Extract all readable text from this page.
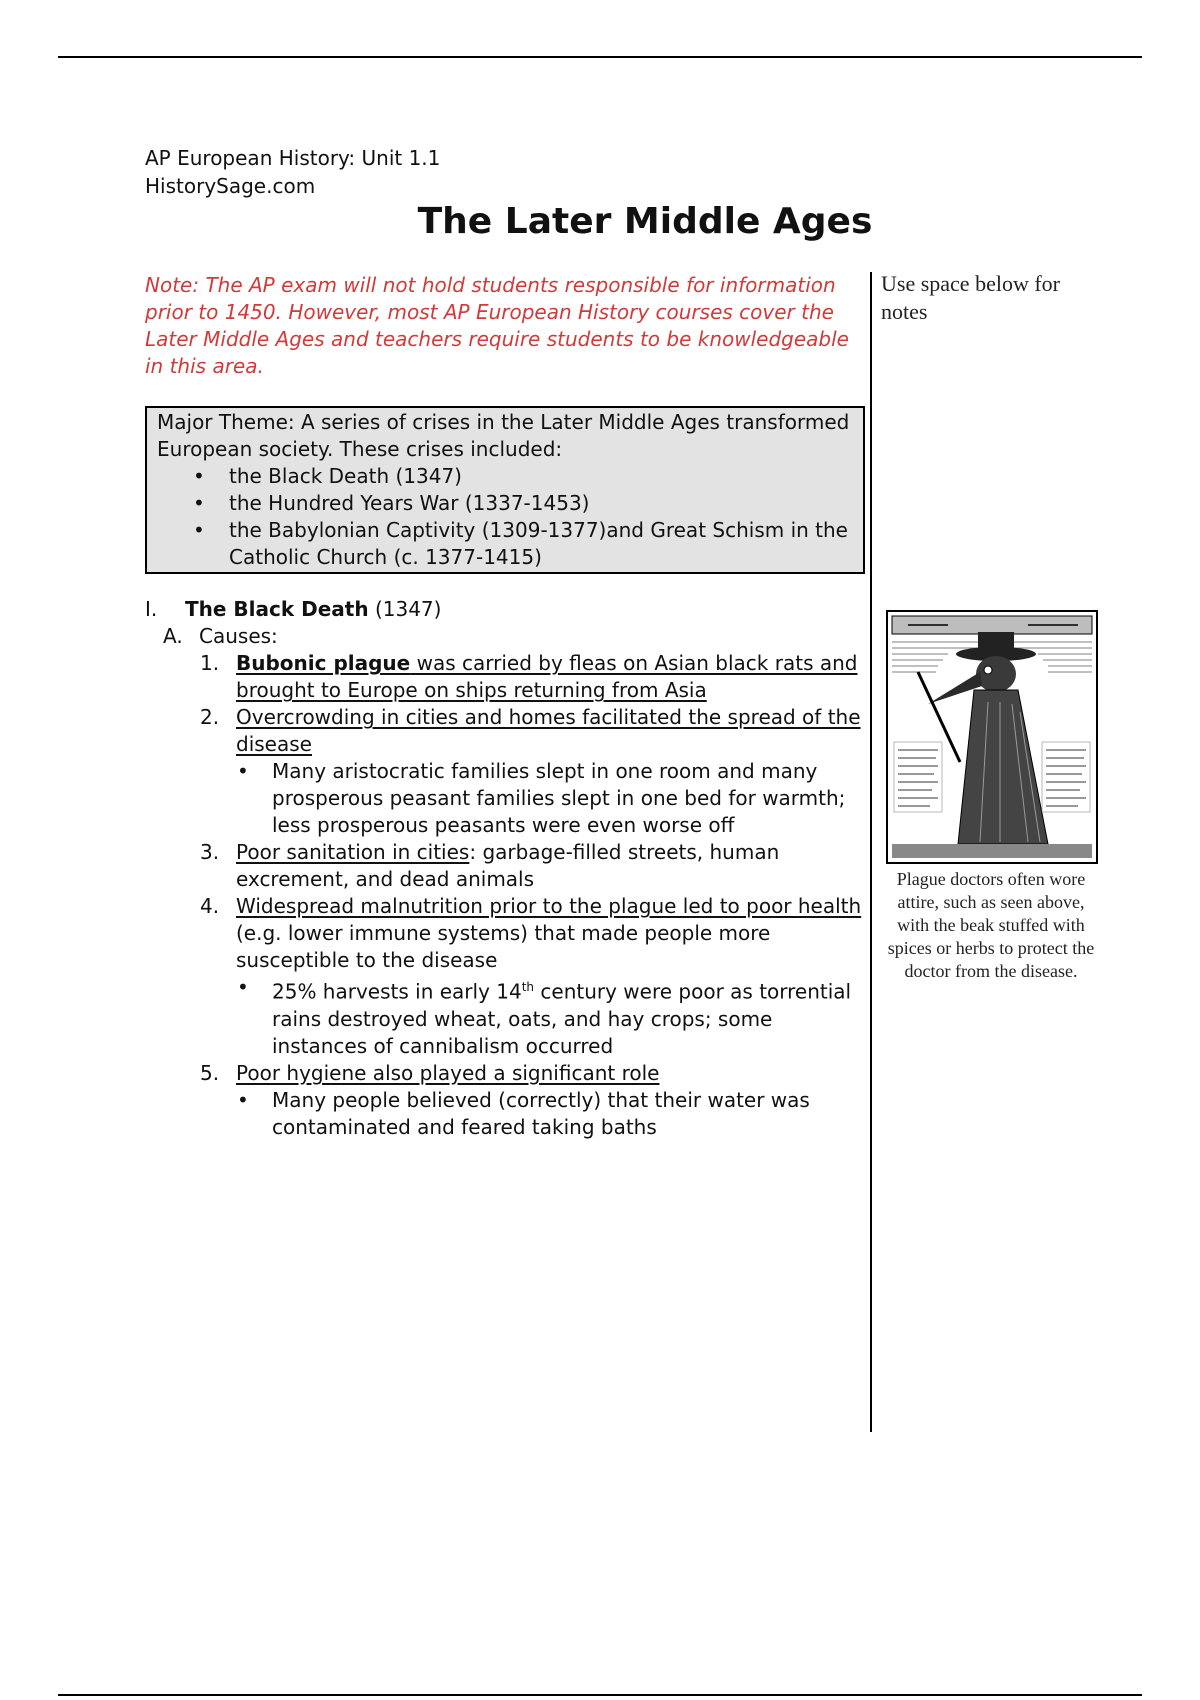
AP European History: Unit 1.1
HistorySage.com
The Later Middle Ages
Note: The AP exam will not hold students responsible for information prior to 1450. However, most AP European History courses cover the Later Middle Ages and teachers require students to be knowledgeable in this area.
Major Theme: A series of crises in the Later Middle Ages transformed European society. These crises included:
• the Black Death (1347)
• the Hundred Years War (1337-1453)
• the Babylonian Captivity (1309-1377)and Great Schism in the Catholic Church (c. 1377-1415)
I. The Black Death (1347)
A. Causes:
1. Bubonic plague was carried by fleas on Asian black rats and brought to Europe on ships returning from Asia
2. Overcrowding in cities and homes facilitated the spread of the disease
• Many aristocratic families slept in one room and many prosperous peasant families slept in one bed for warmth; less prosperous peasants were even worse off
3. Poor sanitation in cities: garbage-filled streets, human excrement, and dead animals
4. Widespread malnutrition prior to the plague led to poor health (e.g. lower immune systems) that made people more susceptible to the disease
• 25% harvests in early 14th century were poor as torrential rains destroyed wheat, oats, and hay crops; some instances of cannibalism occurred
5. Poor hygiene also played a significant role
• Many people believed (correctly) that their water was contaminated and feared taking baths
Use space below for notes
Plague doctors often wore attire, such as seen above, with the beak stuffed with spices or herbs to protect the doctor from the disease.
